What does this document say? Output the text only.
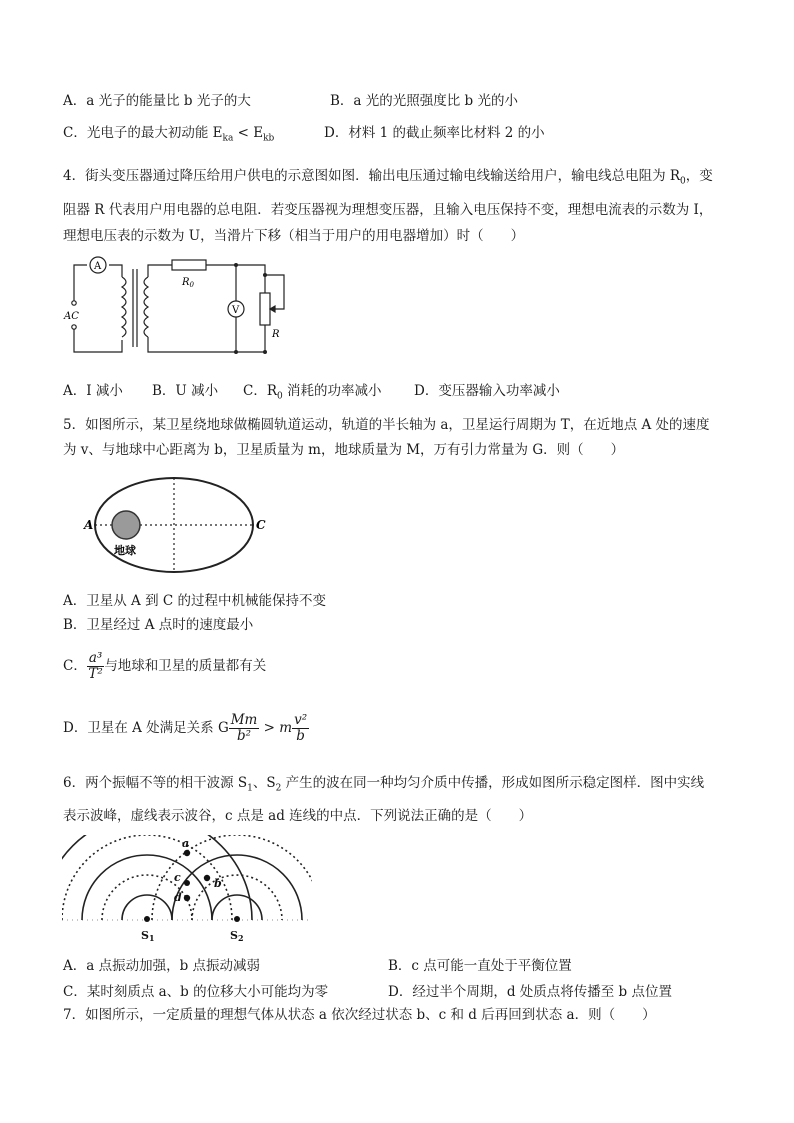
A．a 光子的能量比 b 光子的大	B．a 光的光照强度比 b 光的小
C．光电子的最大初动能 $E_{ka} < E_{kb}$	D．材料 1 的截止频率比材料 2 的小
4．街头变压器通过降压给用户供电的示意图如图．输出电压通过输电线输送给用户，输电线总电阻为 $R_0$，变
阻器 R 代表用户用电器的总电阻．若变压器视为理想变压器，且输入电压保持不变，理想电流表的示数为 I，
理想电压表的示数为 U，当滑片下移（相当于用户的用电器增加）时（　　）
A
AC
$R_0$
V
R
A．I 减小 B．U 减小 C．$R_0$ 消耗的功率减小 D．变压器输入功率减小
5．如图所示，某卫星绕地球做椭圆轨道运动，轨道的半长轴为 a，卫星运行周期为 T，在近地点 A 处的速度
为 v、与地球中心距离为 b，卫星质量为 m，地球质量为 M，万有引力常量为 G．则（　　）
A	C
地球
A．卫星从 A 到 C 的过程中机械能保持不变
B．卫星经过 A 点时的速度最小
C． $\frac{\text{a³}}{\text{T²}}$ 与地球和卫星的质量都有关
D．卫星在 A 处满足关系 G $\frac{Mm}{\text{b²}} > m \frac{\text{v²}}{b}$
6．两个振幅不等的相干波源 $S_1$、$S_2$ 产生的波在同一种均匀介质中传播，形成如图所示稳定图样．图中实线
表示波峰，虚线表示波谷，c 点是 ad 连线的中点．下列说法正确的是（　　）
a
b
c
d
S1	S2
A．a 点振动加强，b 点振动减弱	B．c 点可能一直处于平衡位置
C．某时刻质点 a、b 的位移大小可能均为零	D．经过半个周期，d 处质点将传播至 b 点位置
7．如图所示，一定质量的理想气体从状态 a 依次经过状态 b、c 和 d 后再回到状态 a．则（　　）
